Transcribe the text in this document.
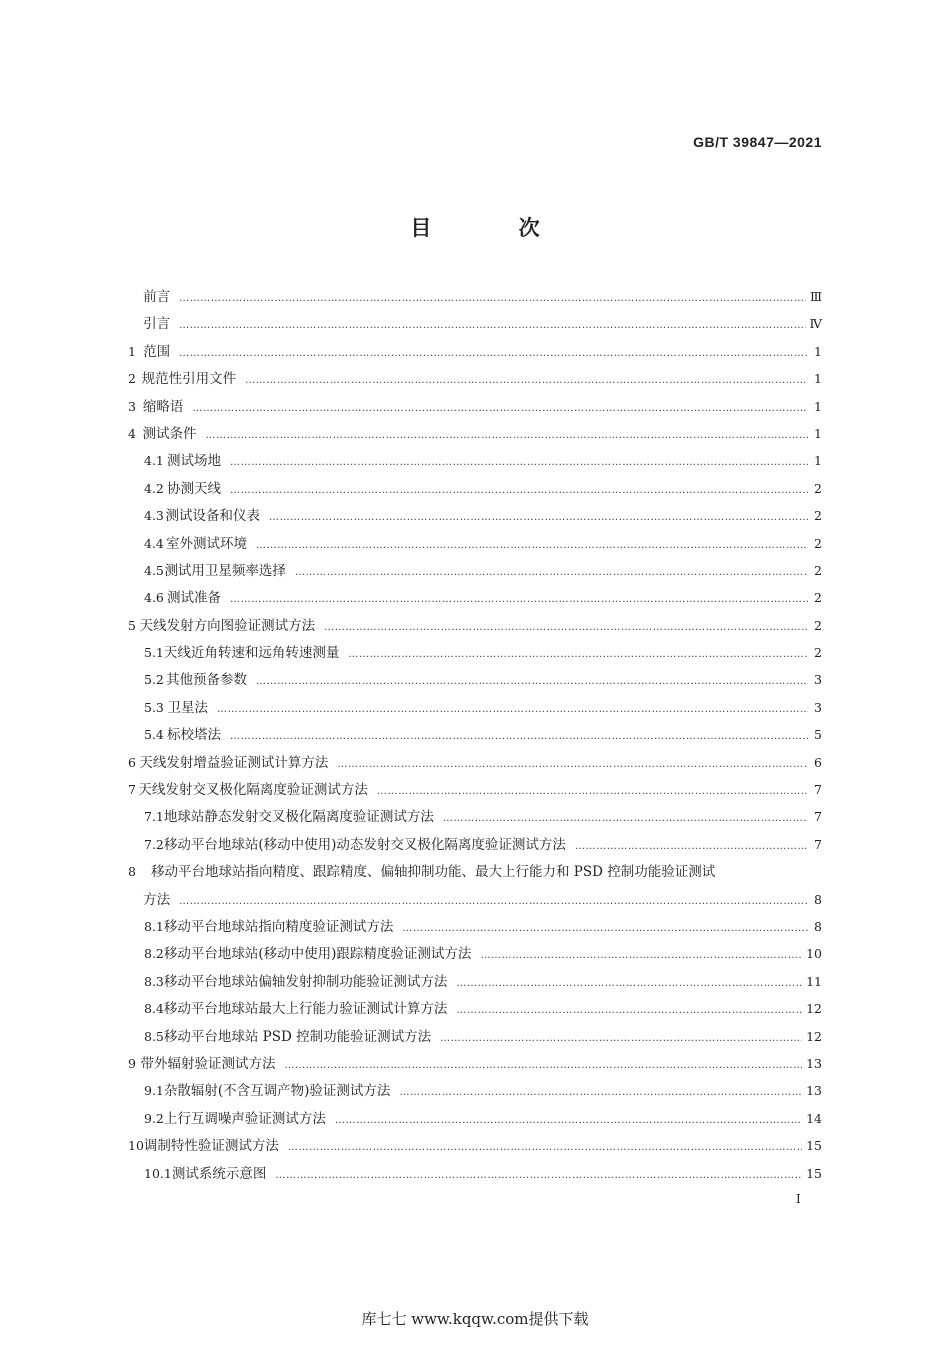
GB/T 39847—2021
目 次
前言 ………………………………………………………………………………………………………………………………………………………………………………………………………………………………………………	Ⅲ
引言 ………………………………………………………………………………………………………………………………………………………………………………………………………………………………………………	Ⅳ
1 范围 ………………………………………………………………………………………………………………………………………………………………………………………………………………………………………………	1
2 规范性引用文件 ………………………………………………………………………………………………………………………………………………………………………………………………………………………………………………	1
3 缩略语 ………………………………………………………………………………………………………………………………………………………………………………………………………………………………………………	1
4 测试条件 ………………………………………………………………………………………………………………………………………………………………………………………………………………………………………………	1
4.1 测试场地 ………………………………………………………………………………………………………………………………………………………………………………………………………………………………………………	1
4.2 协测天线 ………………………………………………………………………………………………………………………………………………………………………………………………………………………………………………	2
4.3 测试设备和仪表 ………………………………………………………………………………………………………………………………………………………………………………………………………………………………………………	2
4.4 室外测试环境 ………………………………………………………………………………………………………………………………………………………………………………………………………………………………………………	2
4.5 测试用卫星频率选择 ………………………………………………………………………………………………………………………………………………………………………………………………………………………………………………	2
4.6 测试准备 ………………………………………………………………………………………………………………………………………………………………………………………………………………………………………………	2
5 天线发射方向图验证测试方法 ………………………………………………………………………………………………………………………………………………………………………………………………………………………………………………	2
5.1 天线近角转速和远角转速测量 ………………………………………………………………………………………………………………………………………………………………………………………………………………………………………………	2
5.2 其他预备参数 ………………………………………………………………………………………………………………………………………………………………………………………………………………………………………………	3
5.3 卫星法 ………………………………………………………………………………………………………………………………………………………………………………………………………………………………………………	3
5.4 标校塔法 ………………………………………………………………………………………………………………………………………………………………………………………………………………………………………………	5
6 天线发射增益验证测试计算方法 ………………………………………………………………………………………………………………………………………………………………………………………………………………………………………………	6
7 天线发射交叉极化隔离度验证测试方法 ………………………………………………………………………………………………………………………………………………………………………………………………………………………………………………	7
7.1 地球站静态发射交叉极化隔离度验证测试方法 ………………………………………………………………………………………………………………………………………………………………………………………………………………………………………………	7
7.2 移动平台地球站(移动中使用)动态发射交叉极化隔离度验证测试方法 ………………………………………………………………………………………………………………………………………………………………………………………………………………………………………………	7
8	移动平台地球站指向精度、跟踪精度、偏轴抑制功能、最大上行能力和 PSD 控制功能验证测试
方法 ………………………………………………………………………………………………………………………………………………………………………………………………………………………………………………	8
8.1 移动平台地球站指向精度验证测试方法 ………………………………………………………………………………………………………………………………………………………………………………………………………………………………………………	8
8.2 移动平台地球站(移动中使用)跟踪精度验证测试方法 ………………………………………………………………………………………………………………………………………………………………………………………………………………………………………………	10
8.3 移动平台地球站偏轴发射抑制功能验证测试方法 ………………………………………………………………………………………………………………………………………………………………………………………………………………………………………………	11
8.4 移动平台地球站最大上行能力验证测试计算方法 ………………………………………………………………………………………………………………………………………………………………………………………………………………………………………………	12
8.5 移动平台地球站 PSD 控制功能验证测试方法 ………………………………………………………………………………………………………………………………………………………………………………………………………………………………………………	12
9 带外辐射验证测试方法 ………………………………………………………………………………………………………………………………………………………………………………………………………………………………………………	13
9.1 杂散辐射(不含互调产物)验证测试方法 ………………………………………………………………………………………………………………………………………………………………………………………………………………………………………………	13
9.2 上行互调噪声验证测试方法 ………………………………………………………………………………………………………………………………………………………………………………………………………………………………………………	14
10 调制特性验证测试方法 ………………………………………………………………………………………………………………………………………………………………………………………………………………………………………………	15
10.1 测试系统示意图 ………………………………………………………………………………………………………………………………………………………………………………………………………………………………………………	15
I
库七七 www.kqqw.com提供下载
